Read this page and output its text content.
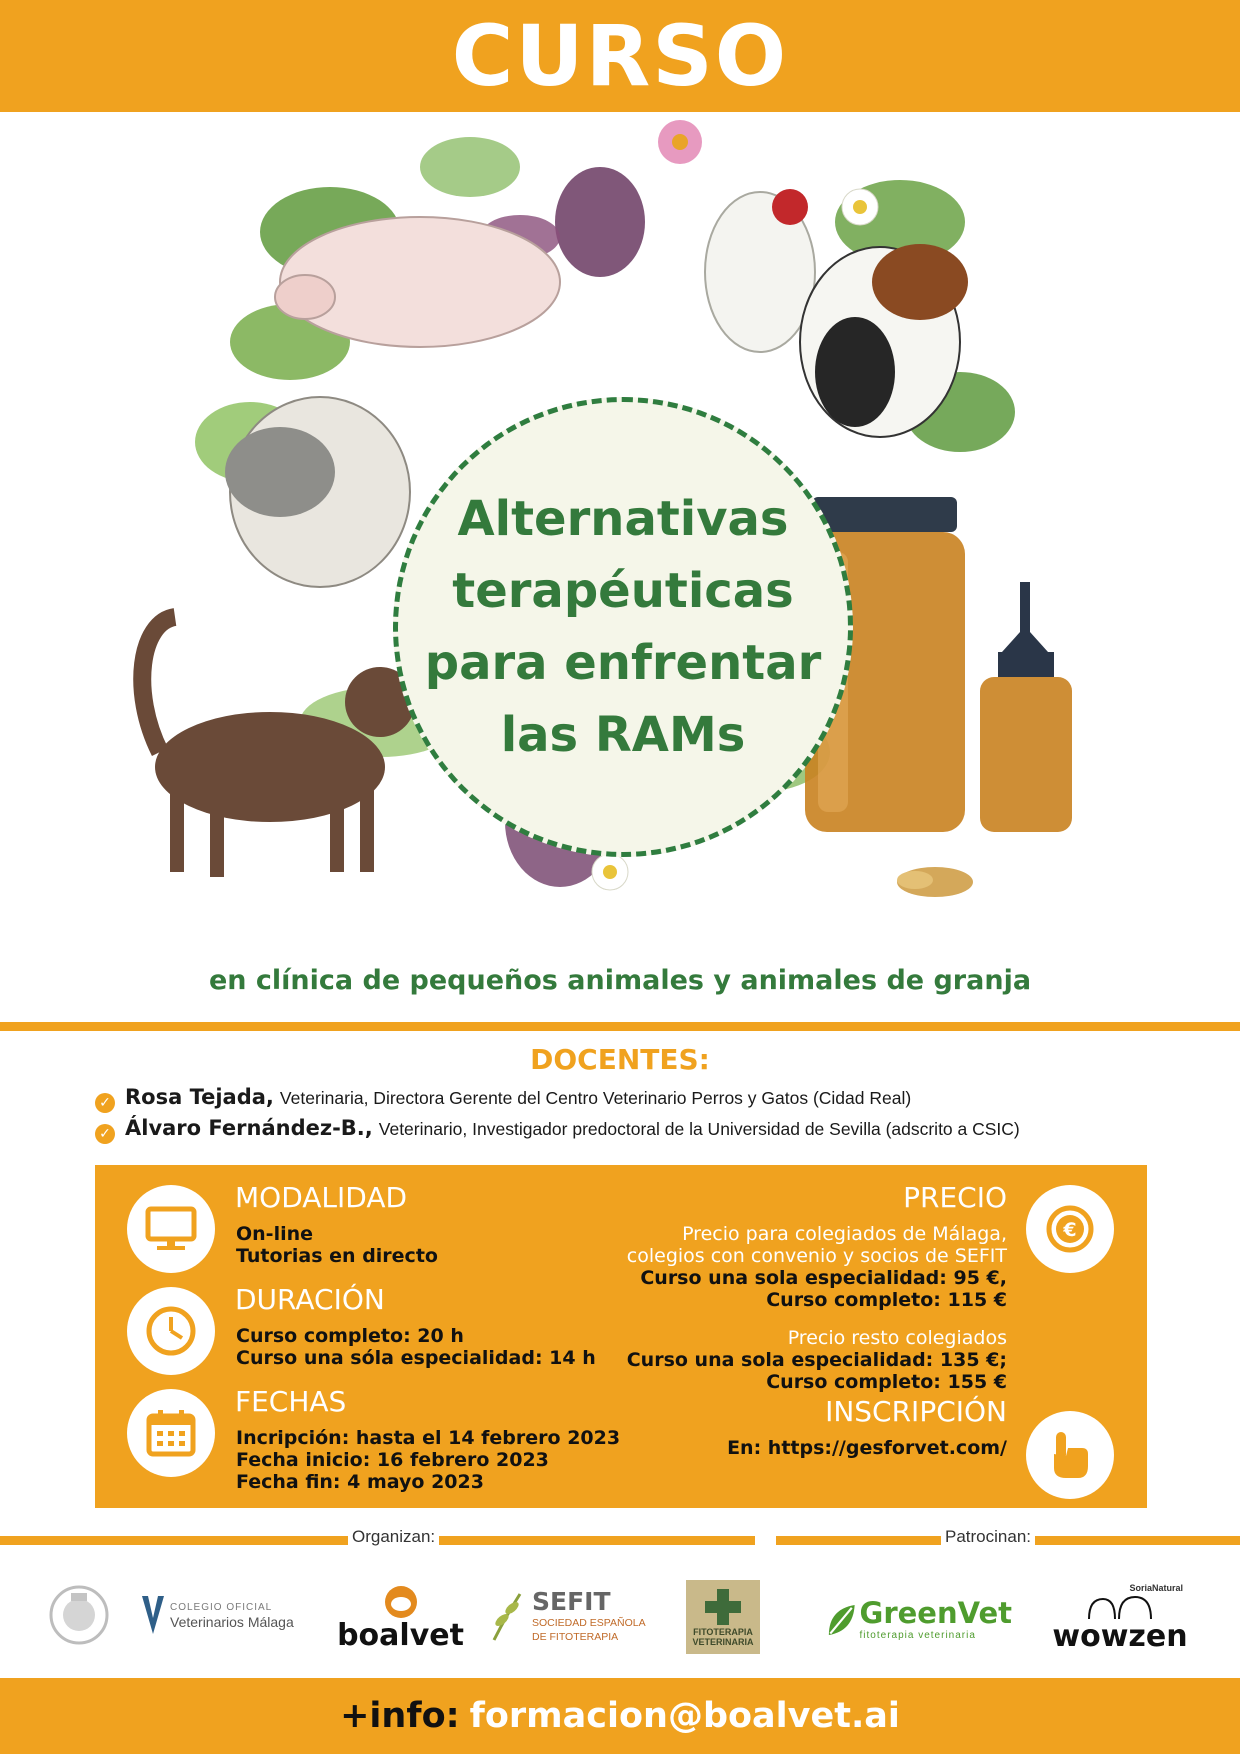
CURSO
Alternativas
terapéuticas
para enfrentar
las RAMs
en clínica de pequeños animales y animales de granja
DOCENTES:
✓ Rosa Tejada, Veterinaria, Directora Gerente del Centro Veterinario Perros y Gatos (Cidad Real)
✓ Álvaro Fernández-B., Veterinario, Investigador predoctoral de la Universidad de Sevilla (adscrito a CSIC)
MODALIDAD
On-line
Tutorias en directo
DURACIÓN
Curso completo: 20 h
Curso una sóla especialidad: 14 h
FECHAS
Incripción: hasta el 14 febrero 2023
Fecha inicio: 16 febrero 2023
Fecha fin: 4 mayo 2023
€
PRECIO
Precio para colegiados de Málaga,
colegios con convenio y socios de SEFIT
Curso una sola especialidad: 95 €,
Curso completo: 115 €
Precio resto colegiados
Curso una sola especialidad: 135 €;
Curso completo: 155 €
INSCRIPCIÓN
En: https://gesforvet.com/
Organizan:	Patrocinan:
COLEGIO OFICIAL
Veterinarios Málaga boalvet
SEFIT
SOCIEDAD ESPAÑOLA
DE FITOTERAPIA	FITOTERAPIA
VETERINARIA
GreenVet
fitoterapia veterinaria
SoriaNatural
wowzen
+info: formacion@boalvet.ai
